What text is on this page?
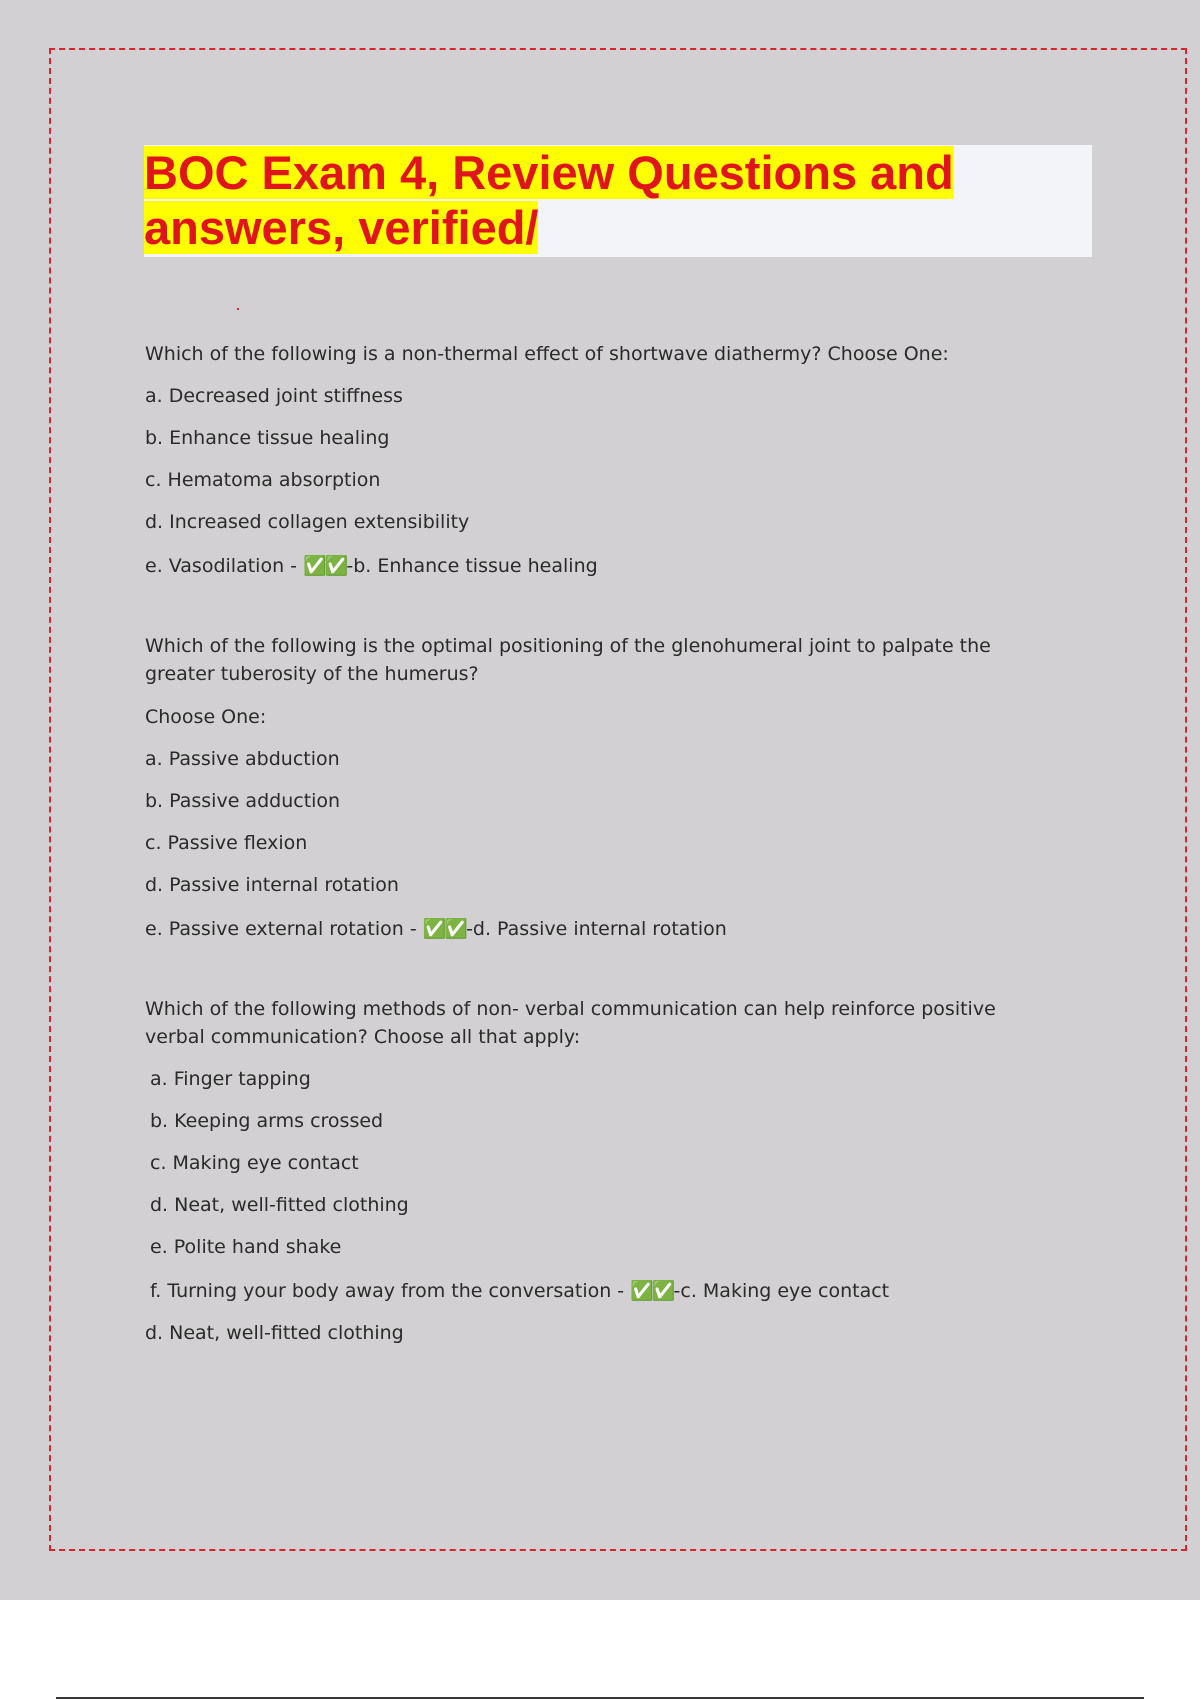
BOC Exam 4, Review Questions and answers, verified/

Which of the following is a non-thermal effect of shortwave diathermy? Choose One:

a. Decreased joint stiffness

b. Enhance tissue healing

c. Hematoma absorption

d. Increased collagen extensibility

e. Vasodilation - ✅✅-b. Enhance tissue healing

Which of the following is the optimal positioning of the glenohumeral joint to palpate the greater tuberosity of the humerus?

Choose One:

a. Passive abduction

b. Passive adduction

c. Passive flexion

d. Passive internal rotation

e. Passive external rotation - ✅✅-d. Passive internal rotation

Which of the following methods of non- verbal communication can help reinforce positive verbal communication? Choose all that apply:

a. Finger tapping

b. Keeping arms crossed

c. Making eye contact

d. Neat, well-fitted clothing

e. Polite hand shake

f. Turning your body away from the conversation - ✅✅-c. Making eye contact

d. Neat, well-fitted clothing
